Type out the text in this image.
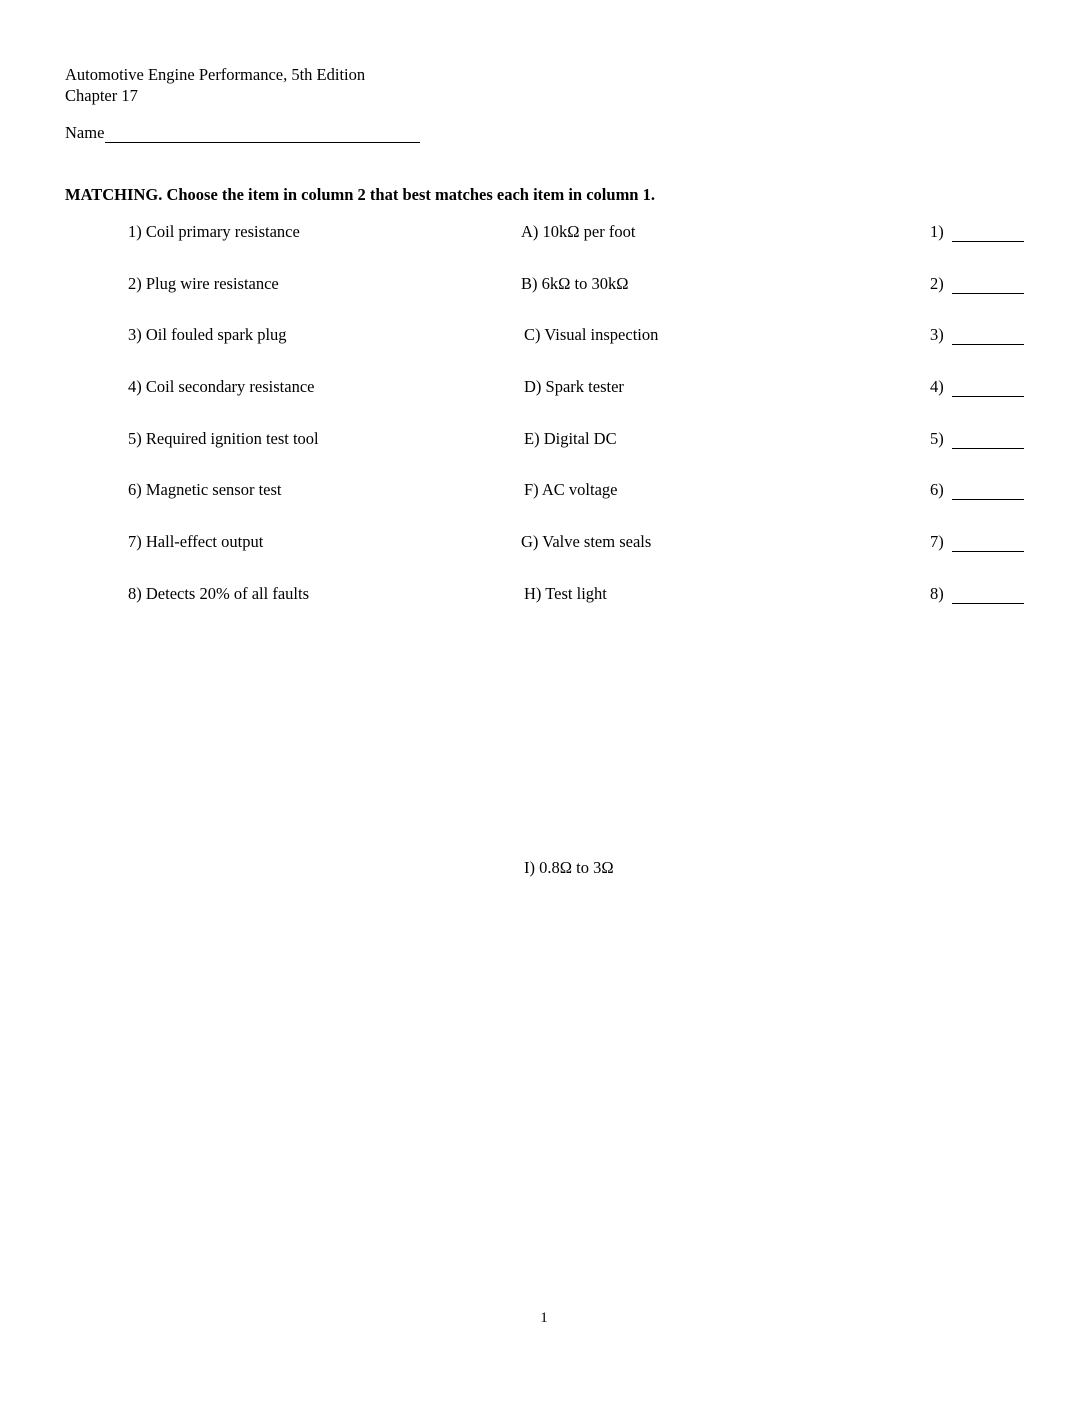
Automotive Engine Performance, 5th Edition
Chapter 17
Name
MATCHING. Choose the item in column 2 that best matches each item in column 1.
1) Coil primary resistance	A) 10kΩ per foot	1)
2) Plug wire resistance	B) 6kΩ to 30kΩ	2)
3) Oil fouled spark plug	C) Visual inspection	3)
4) Coil secondary resistance	D) Spark tester	4)
5) Required ignition test tool	E) Digital DC	5)
6) Magnetic sensor test	F) AC voltage	6)
7) Hall-effect output	G) Valve stem seals	7)
8) Detects 20% of all faults	H) Test light	8)
I) 0.8Ω to 3Ω
1
